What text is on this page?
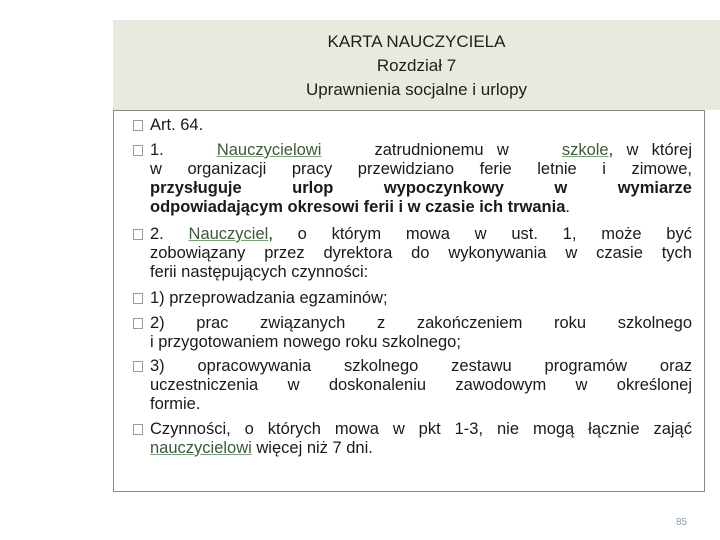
KARTA NAUCZYCIELA
Rozdział 7
Uprawnienia socjalne i urlopy
Art. 64.
1.	Nauczycielowi	zatrudnionemu w	szkole, w której
w organizacji pracy przewidziano ferie letnie i zimowe,
przysługuje urlop wypoczynkowy w wymiarze
odpowiadającym okresowi ferii i w czasie ich trwania.
2. Nauczyciel, o którym mowa w ust. 1, może być
zobowiązany przez dyrektora do wykonywania w czasie tych
ferii następujących czynności:
1) przeprowadzania egzaminów;
2) prac związanych z zakończeniem roku szkolnego
i przygotowaniem nowego roku szkolnego;
3) opracowywania szkolnego zestawu programów oraz
uczestniczenia w doskonaleniu zawodowym w określonej
formie.
Czynności, o których mowa w pkt 1-3, nie mogą łącznie zająć
nauczycielowi więcej niż 7 dni.
85
